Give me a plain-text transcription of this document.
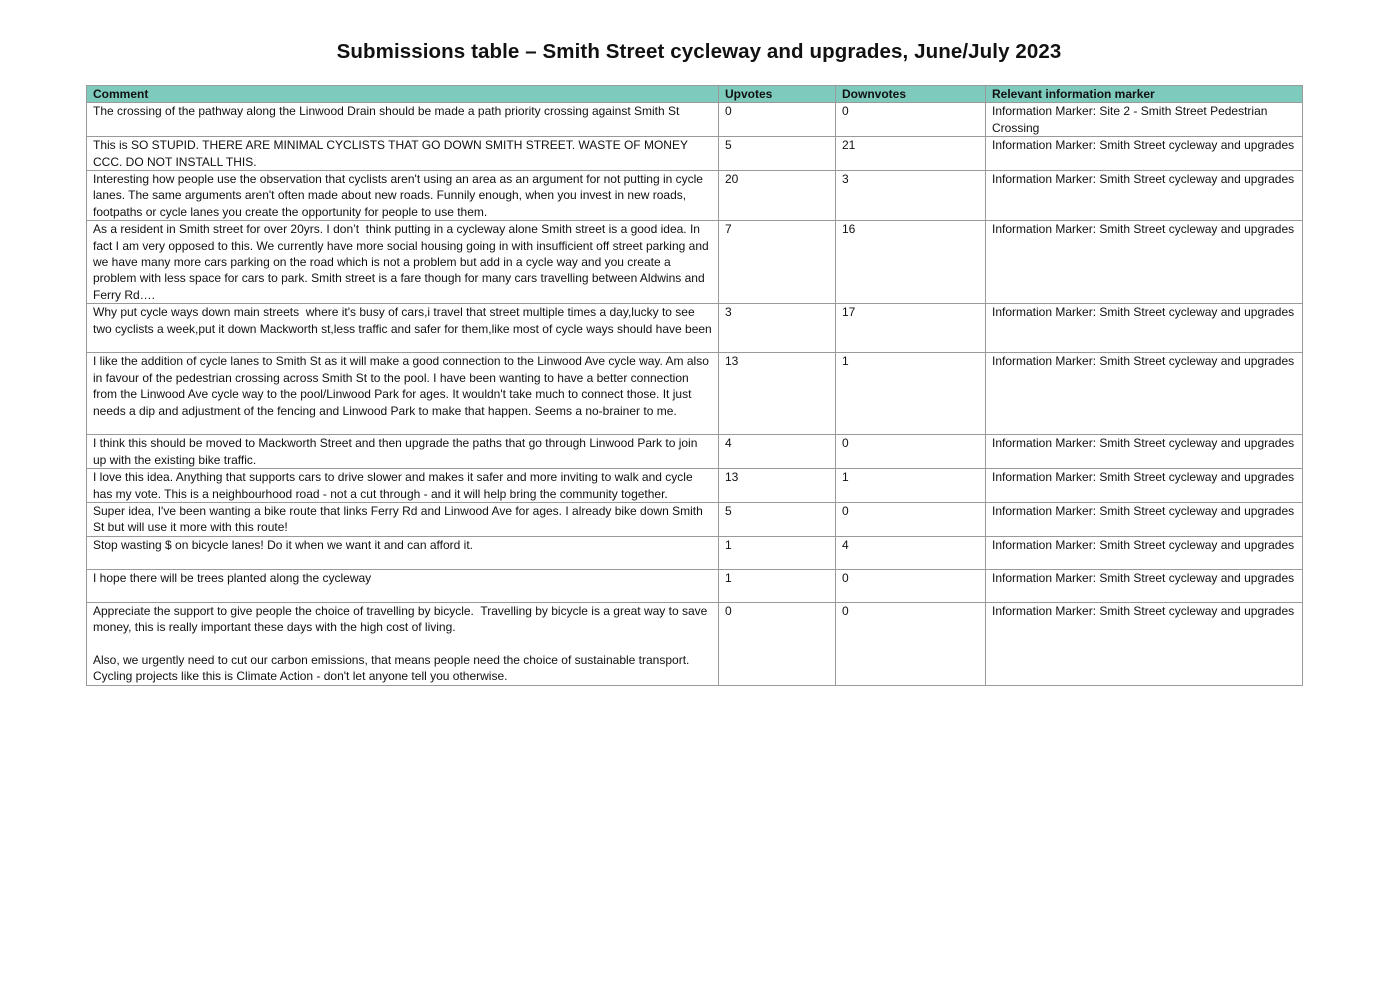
Submissions table – Smith Street cycleway and upgrades, June/July 2023
Comment	Upvotes	Downvotes	Relevant information marker
The crossing of the pathway along the Linwood Drain should be made a path priority crossing against Smith St	0	0	Information Marker: Site 2 - Smith Street Pedestrian Crossing
This is SO STUPID. THERE ARE MINIMAL CYCLISTS THAT GO DOWN SMITH STREET. WASTE OF MONEY CCC. DO NOT INSTALL THIS.	5	21	Information Marker: Smith Street cycleway and upgrades
Interesting how people use the observation that cyclists aren't using an area as an argument for not putting in cycle lanes. The same arguments aren't often made about new roads. Funnily enough, when you invest in new roads, footpaths or cycle lanes you create the opportunity for people to use them.	20	3	Information Marker: Smith Street cycleway and upgrades
As a resident in Smith street for over 20yrs. I don’t  think putting in a cycleway alone Smith street is a good idea. In fact I am very opposed to this. We currently have more social housing going in with insufficient off street parking and we have many more cars parking on the road which is not a problem but add in a cycle way and you create a problem with less space for cars to park. Smith street is a fare though for many cars travelling between Aldwins and Ferry Rd….	7	16	Information Marker: Smith Street cycleway and upgrades
Why put cycle ways down main streets  where it's busy of cars,i travel that street multiple times a day,lucky to see two cyclists a week,put it down Mackworth st,less traffic and safer for them,like most of cycle ways should have been	3	17	Information Marker: Smith Street cycleway and upgrades
I like the addition of cycle lanes to Smith St as it will make a good connection to the Linwood Ave cycle way. Am also in favour of the pedestrian crossing across Smith St to the pool. I have been wanting to have a better connection from the Linwood Ave cycle way to the pool/Linwood Park for ages. It wouldn't take much to connect those. It just needs a dip and adjustment of the fencing and Linwood Park to make that happen. Seems a no-brainer to me.	13	1	Information Marker: Smith Street cycleway and upgrades
I think this should be moved to Mackworth Street and then upgrade the paths that go through Linwood Park to join up with the existing bike traffic.	4	0	Information Marker: Smith Street cycleway and upgrades
I love this idea. Anything that supports cars to drive slower and makes it safer and more inviting to walk and cycle has my vote. This is a neighbourhood road - not a cut through - and it will help bring the community together.	13	1	Information Marker: Smith Street cycleway and upgrades
Super idea, I've been wanting a bike route that links Ferry Rd and Linwood Ave for ages. I already bike down Smith St but will use it more with this route!	5	0	Information Marker: Smith Street cycleway and upgrades
Stop wasting $ on bicycle lanes! Do it when we want it and can afford it.	1	4	Information Marker: Smith Street cycleway and upgrades
I hope there will be trees planted along the cycleway	1	0	Information Marker: Smith Street cycleway and upgrades
Appreciate the support to give people the choice of travelling by bicycle.  Travelling by bicycle is a great way to save money, this is really important these days with the high cost of living.

Also, we urgently need to cut our carbon emissions, that means people need the choice of sustainable transport. Cycling projects like this is Climate Action - don't let anyone tell you otherwise.	0	0	Information Marker: Smith Street cycleway and upgrades
